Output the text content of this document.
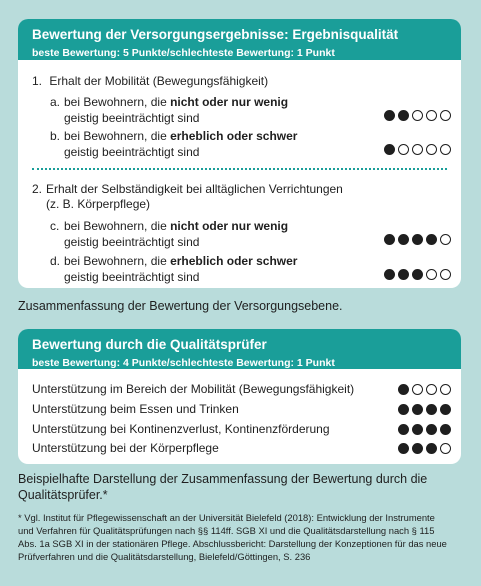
Bewertung der Versorgungsergebnisse: Ergebnisqualität
beste Bewertung: 5 Punkte/schlechteste Bewertung: 1 Punkt
1. Erhalt der Mobilität (Bewegungsfähigkeit)
a. bei Bewohnern, die nicht oder nur wenig
geistig beeinträchtigt sind
b. bei Bewohnern, die erheblich oder schwer
geistig beeinträchtigt sind
2. Erhalt der Selbständigkeit bei alltäglichen Verrichtungen
(z. B. Körperpflege)
c. bei Bewohnern, die nicht oder nur wenig
geistig beeinträchtigt sind
d. bei Bewohnern, die erheblich oder schwer
geistig beeinträchtigt sind
Zusammenfassung der Bewertung der Versorgungsebene.
Bewertung durch die Qualitätsprüfer
beste Bewertung: 4 Punkte/schlechteste Bewertung: 1 Punkt
Unterstützung im Bereich der Mobilität (Bewegungsfähigkeit)
Unterstützung beim Essen und Trinken
Unterstützung bei Kontinenzverlust, Kontinenzförderung
Unterstützung bei der Körperpflege
Beispielhafte Darstellung der Zusammenfassung der Bewertung durch die Qualitätsprüfer.*
* Vgl. Institut für Pflegewissenschaft an der Universität Bielefeld (2018): Entwicklung der Instrumente und Verfahren für Qualitätsprüfungen nach §§ 114ff. SGB XI und die Qualitätsdarstellung nach § 115 Abs. 1a SGB XI in der stationären Pflege. Abschlussbericht: Darstellung der Konzeptionen für das neue Prüfverfahren und die Qualitätsdarstellung, Bielefeld/Göttingen, S. 236
